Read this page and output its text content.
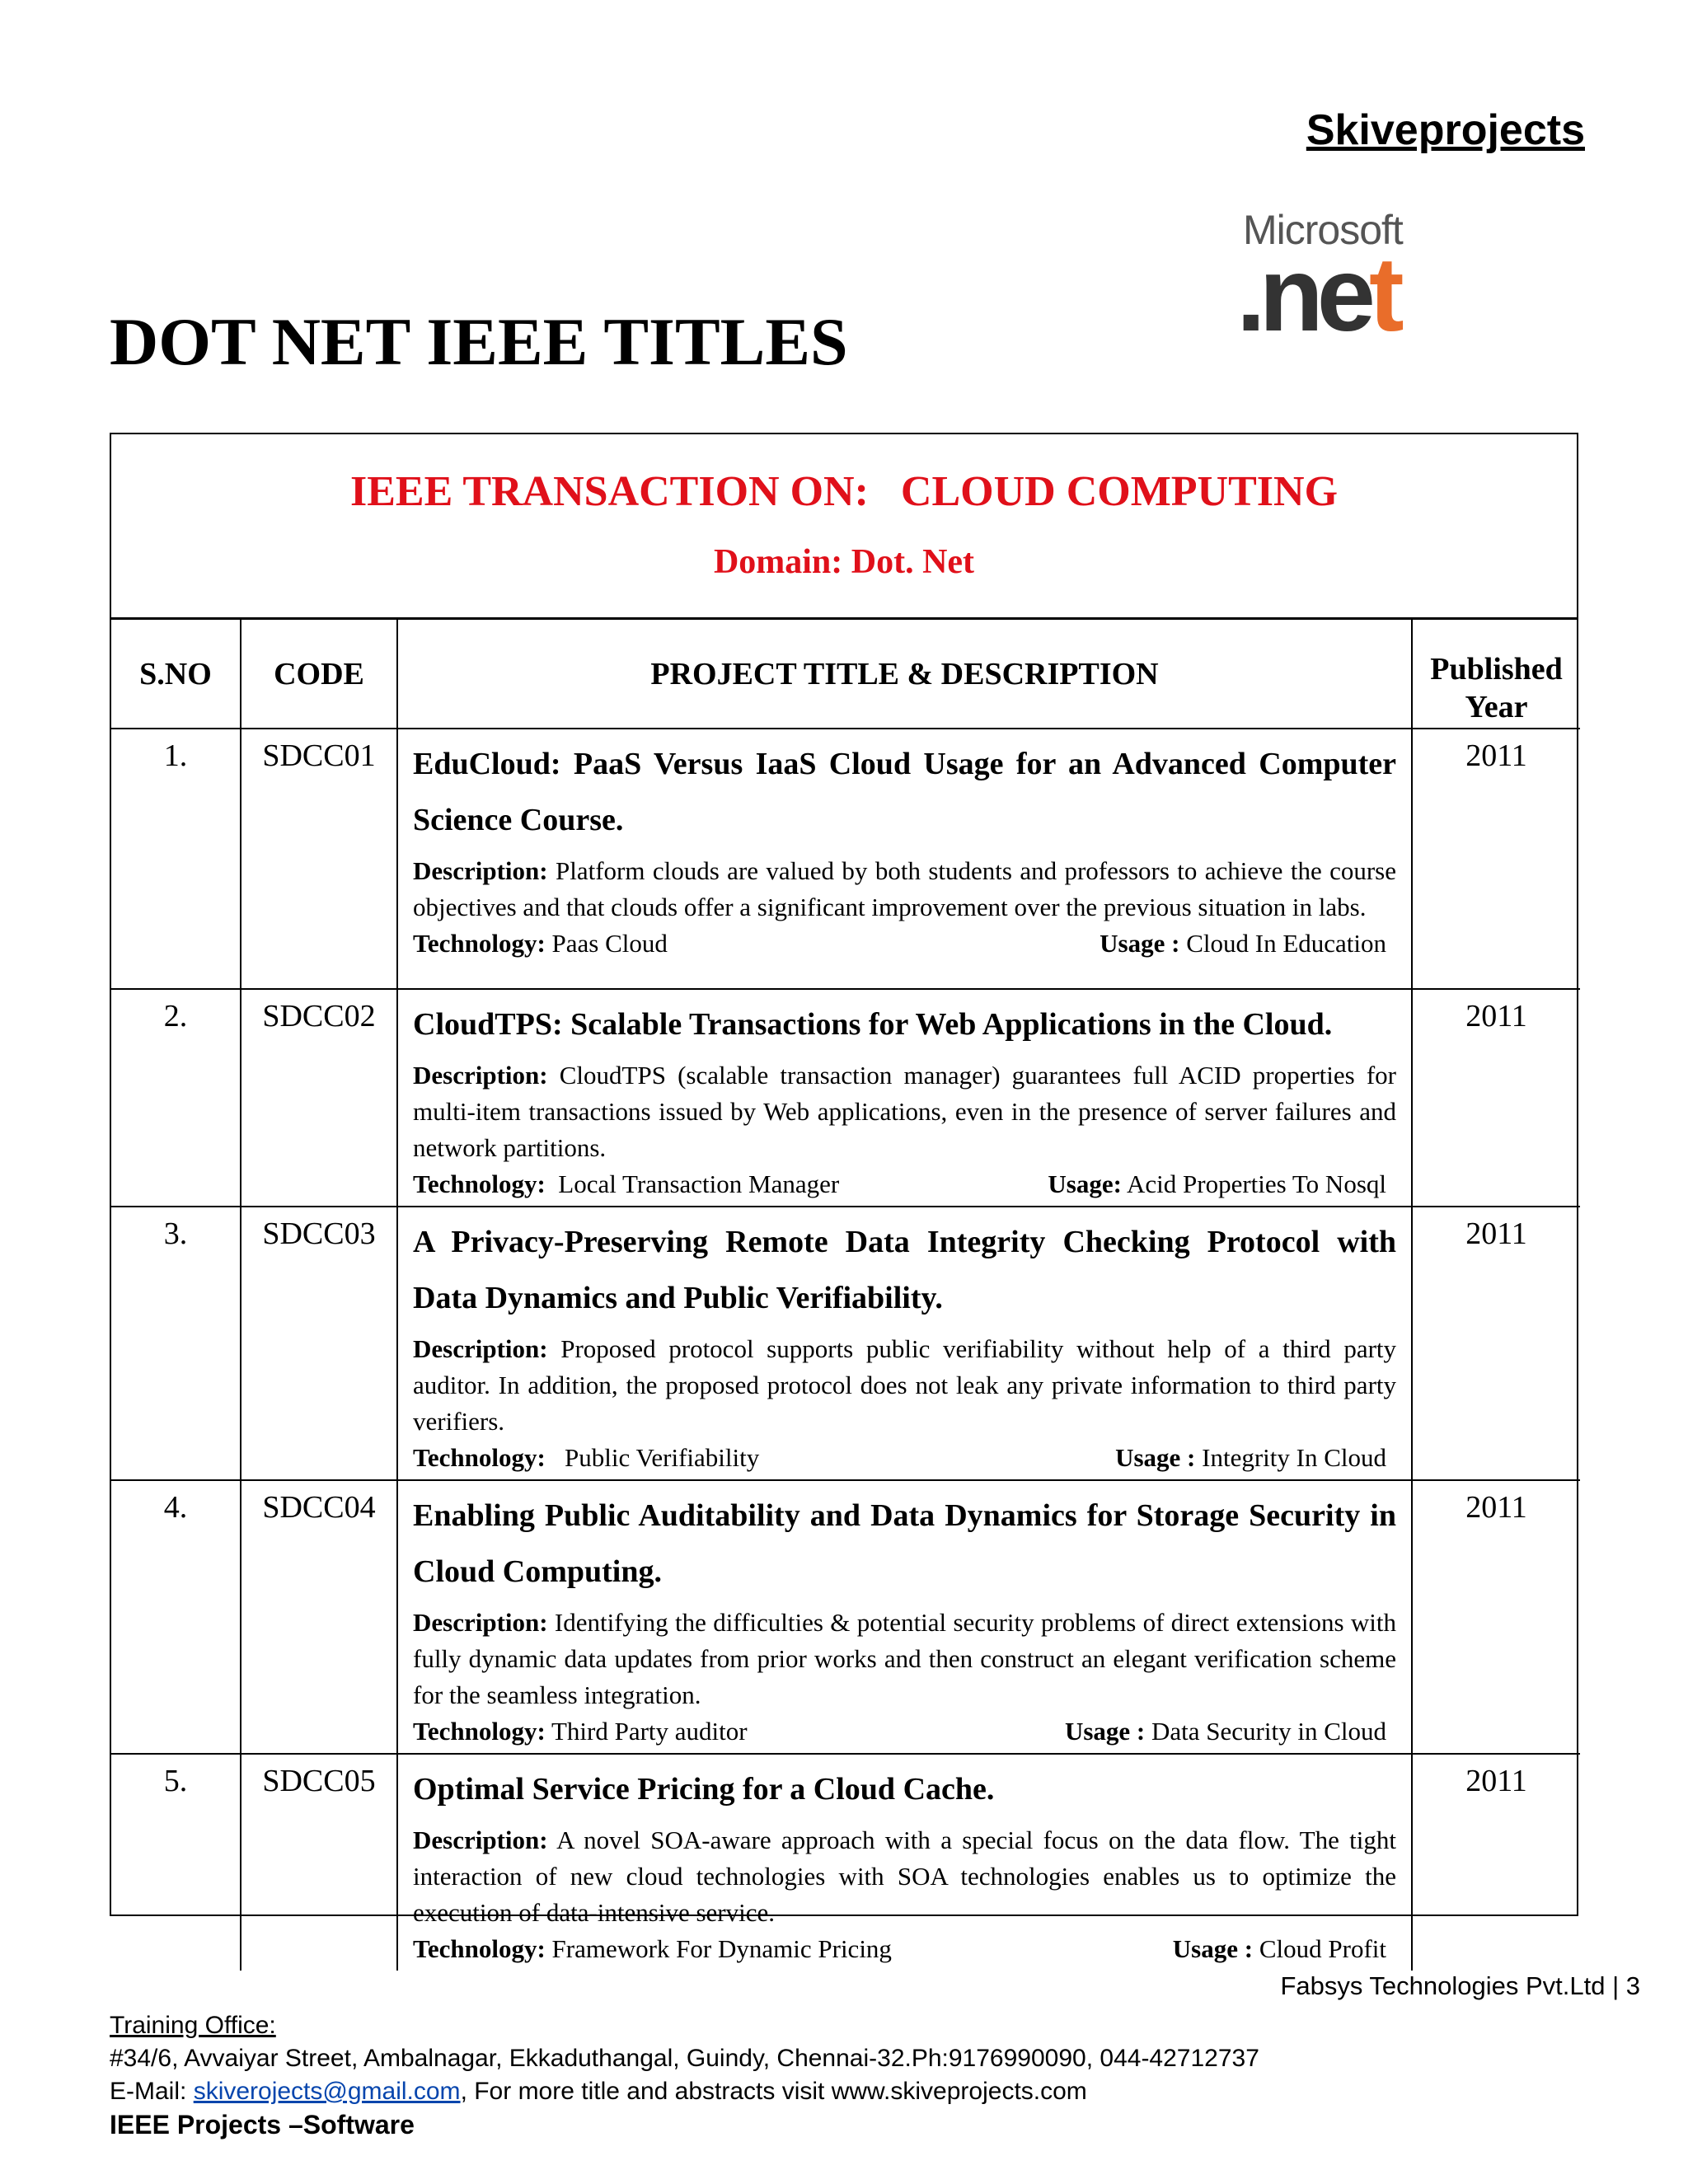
Skiveprojects
Microsoft
.net
DOT NET IEEE TITLES
IEEE TRANSACTION ON:   CLOUD COMPUTING
Domain: Dot. Net
S.NO	CODE	PROJECT TITLE & DESCRIPTION	Published
Year
1.	SDCC01	EduCloud: PaaS Versus IaaS Cloud Usage for an Advanced Computer Science Course.

Description: Platform clouds are valued by both students and professors to achieve the course objectives and that clouds offer a significant improvement over the previous situation in labs.

Technology: Paas Cloud Usage : Cloud In Education	2011
2.	SDCC02	CloudTPS: Scalable Transactions for Web Applications in the Cloud.

Description: CloudTPS (scalable transaction manager) guarantees full ACID properties for multi-item transactions issued by Web applications, even in the presence of server failures and network partitions.

Technology:  Local Transaction Manager Usage: Acid Properties To Nosql	2011
3.	SDCC03	A Privacy-Preserving Remote Data Integrity Checking Protocol with Data Dynamics and Public Verifiability.

Description: Proposed protocol supports public verifiability without help of a third party auditor. In addition, the proposed protocol does not leak any private information to third party verifiers.

Technology:   Public Verifiability Usage : Integrity In Cloud	2011
4.	SDCC04	Enabling Public Auditability and Data Dynamics for Storage Security in Cloud Computing.

Description: Identifying the difficulties & potential security problems of direct extensions with fully dynamic data updates from prior works and then construct an elegant verification scheme for the seamless integration.

Technology: Third Party auditor Usage : Data Security in Cloud	2011
5.	SDCC05	Optimal Service Pricing for a Cloud Cache.

Description: A novel SOA-aware approach with a special focus on the data flow. The tight interaction of new cloud technologies with SOA technologies enables us to optimize the execution of data-intensive service.

Technology: Framework For Dynamic Pricing Usage : Cloud Profit	2011
Fabsys Technologies Pvt.Ltd | 3
Training Office:
#34/6, Avvaiyar Street, Ambalnagar, Ekkaduthangal, Guindy, Chennai-32.Ph:9176990090, 044-42712737
E-Mail: skiverojects@gmail.com, For more title and abstracts visit www.skiveprojects.com
IEEE Projects –Software
